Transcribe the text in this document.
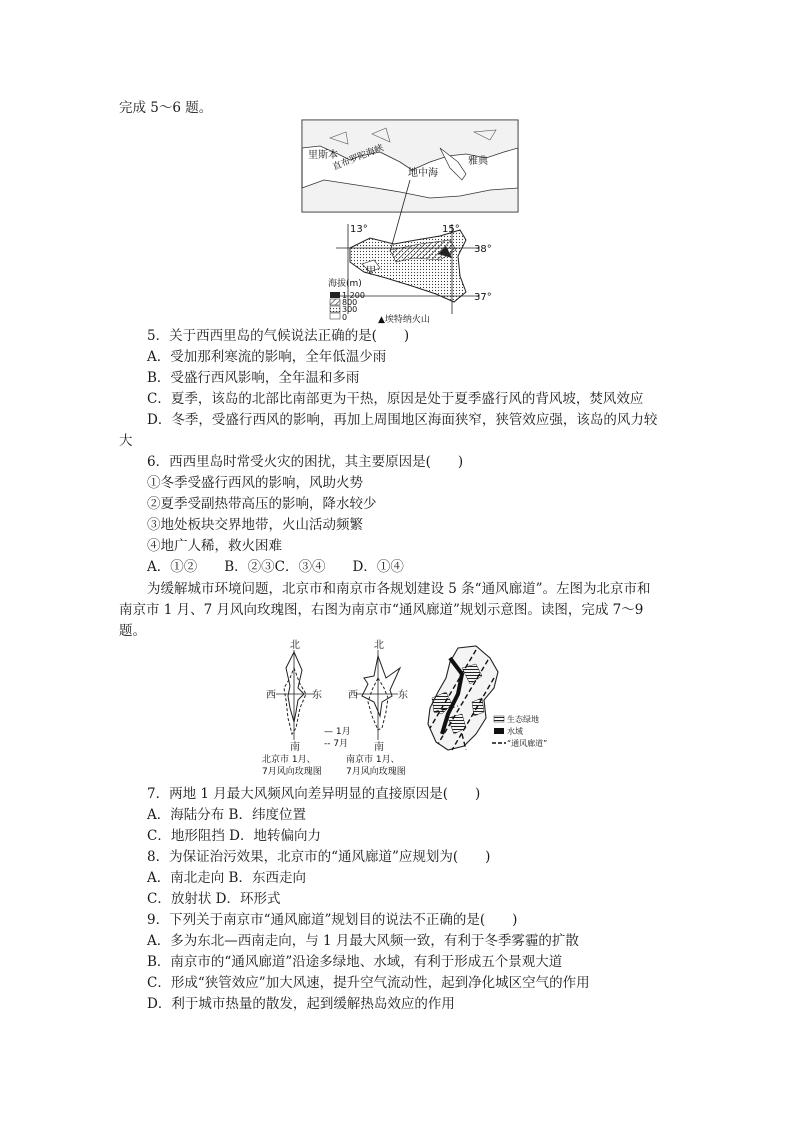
完成 5～6 题。
里斯本
直布罗陀海峡	雅典
地中海
13°	15°
38°
37°
甲
海拔(m)
1 200
800
300
0	▲埃特纳火山
5．关于西西里岛的气候说法正确的是(　　)
A．受加那利寒流的影响，全年低温少雨
B．受盛行西风影响，全年温和多雨
C．夏季，该岛的北部比南部更为干热，原因是处于夏季盛行风的背风坡，焚风效应
D．冬季，受盛行西风的影响，再加上周围地区海面狭窄，狭管效应强，该岛的风力较
大
6．西西里岛时常受火灾的困扰，其主要原因是(　　)
①冬季受盛行西风的影响，风助火势
②夏季受副热带高压的影响，降水较少
③地处板块交界地带，火山活动频繁
④地广人稀，救火困难
A．①②　　B．②③C．③④　　D．①④
为缓解城市环境问题，北京市和南京市各规划建设 5 条“通风廊道”。左图为北京市和
南京市 1 月、7 月风向玫瑰图，右图为南京市“通风廊道”规划示意图。读图，完成 7～9
题。
北
西	东
南
北京市 1月、
7月风向玫瑰图
— 1月
-- 7月
北
西	东
南
南京市 1月、
7月风向玫瑰图
生态绿地
水域
“通风廊道”
7．两地 1 月最大风频风向差异明显的直接原因是(　　)
A．海陆分布 B．纬度位置
C．地形阻挡 D．地转偏向力
8．为保证治污效果，北京市的“通风廊道”应规划为(　　)
A．南北走向 B．东西走向
C．放射状 D．环形式
9．下列关于南京市“通风廊道”规划目的说法不正确的是(　　)
A．多为东北—西南走向，与 1 月最大风频一致，有利于冬季雾霾的扩散
B．南京市的“通风廊道”沿途多绿地、水域，有利于形成五个景观大道
C．形成“狭管效应”加大风速，提升空气流动性，起到净化城区空气的作用
D．利于城市热量的散发，起到缓解热岛效应的作用
